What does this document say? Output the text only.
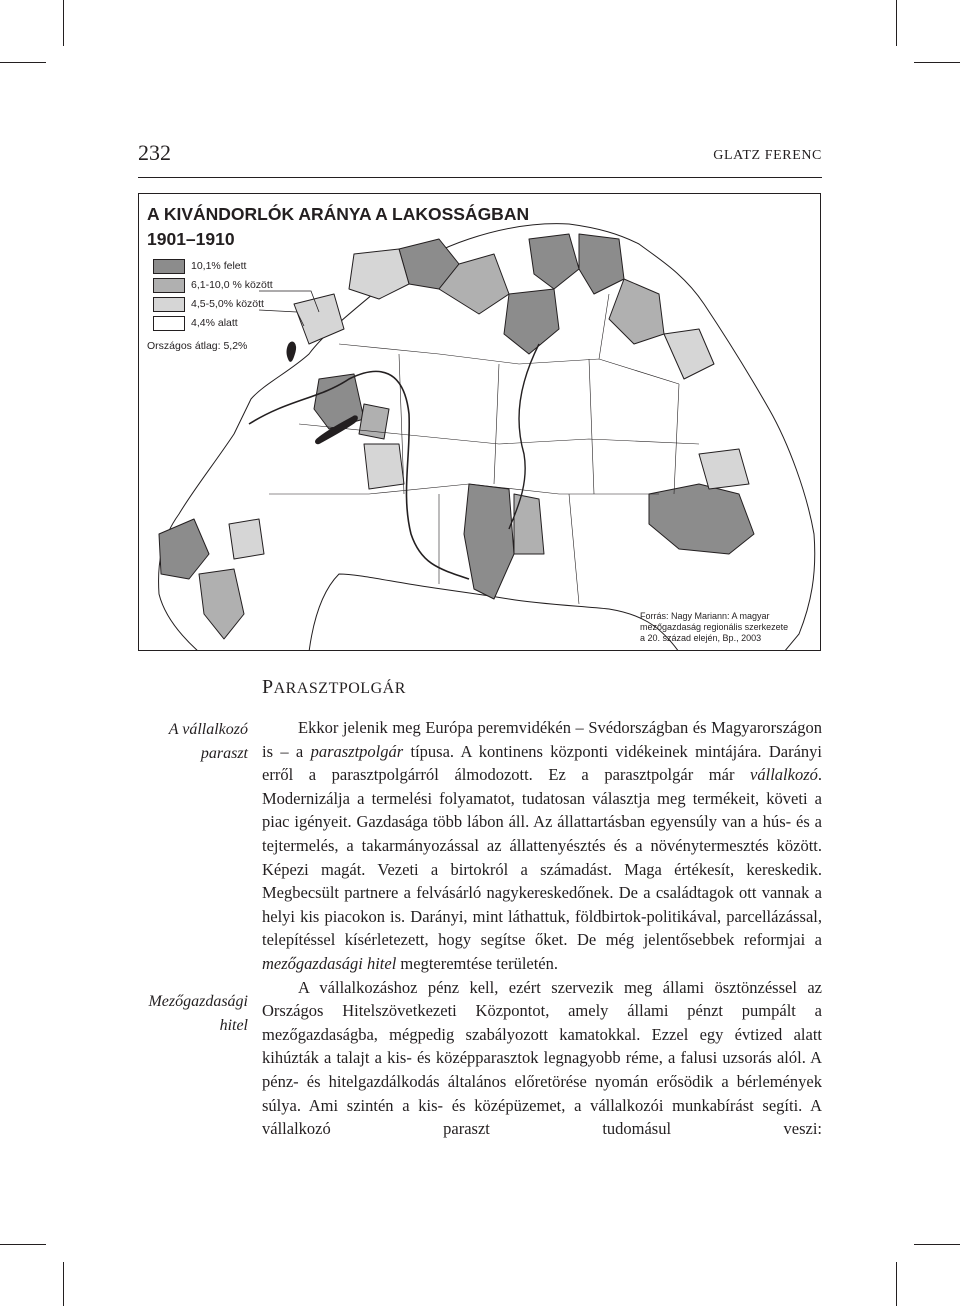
232	GLATZ FERENC
A KIVÁNDORLÓK ARÁNYA A LAKOSSÁGBAN
1901–1910
10,1% felett
6,1-10,0 % között
4,5-5,0% között
4,4% alatt
Országos átlag: 5,2%
Forrás: Nagy Mariann: A magyar
mezőgazdaság regionális szerkezete
a 20. század elején, Bp., 2003
PARASZTPOLGÁR
A vállalkozó
paraszt
Mezőgazdasági
hitel

Ekkor jelenik meg Európa peremvidékén – Svédországban és Magyarországon is – a parasztpolgár típusa. A kontinens központi vidékeinek mintájára. Darányi erről a parasztpolgárról álmodozott. Ez a parasztpolgár már vállalkozó. Modernizálja a termelési folyamatot, tudatosan választja meg termékeit, követi a piac igényeit. Gazdasága több lábon áll. Az állattartásban egyensúly van a hús- és a tejtermelés, a takarmányozással az állattenyésztés és a növénytermesztés között. Képezi magát. Vezeti a birtokról a számadást. Maga értékesít, kereskedik. Megbecsült partnere a felvásárló nagykereskedőnek. De a családtagok ott vannak a helyi kis piacokon is. Darányi, mint láthattuk, földbirtok-politikával, parcellázással, telepítéssel kísérletezett, hogy segítse őket. De még jelentősebbek reformjai a mezőgazdasági hitel megteremtése területén.

A vállalkozáshoz pénz kell, ezért szervezik meg állami ösztönzéssel az Országos Hitelszövetkezeti Központot, amely állami pénzt pumpált a mezőgazdaságba, mégpedig szabályozott kamatokkal. Ezzel egy évtized alatt kihúzták a talajt a kis- és középparasztok legnagyobb réme, a falusi uzsorás alól. A pénz- és hitelgazdálkodás általános előretörése nyomán erősödik a bérlemények súlya. Ami szintén a kis- és középüzemet, a vállalkozói munkabírást segíti. A vállalkozó paraszt tudomásul veszi:
